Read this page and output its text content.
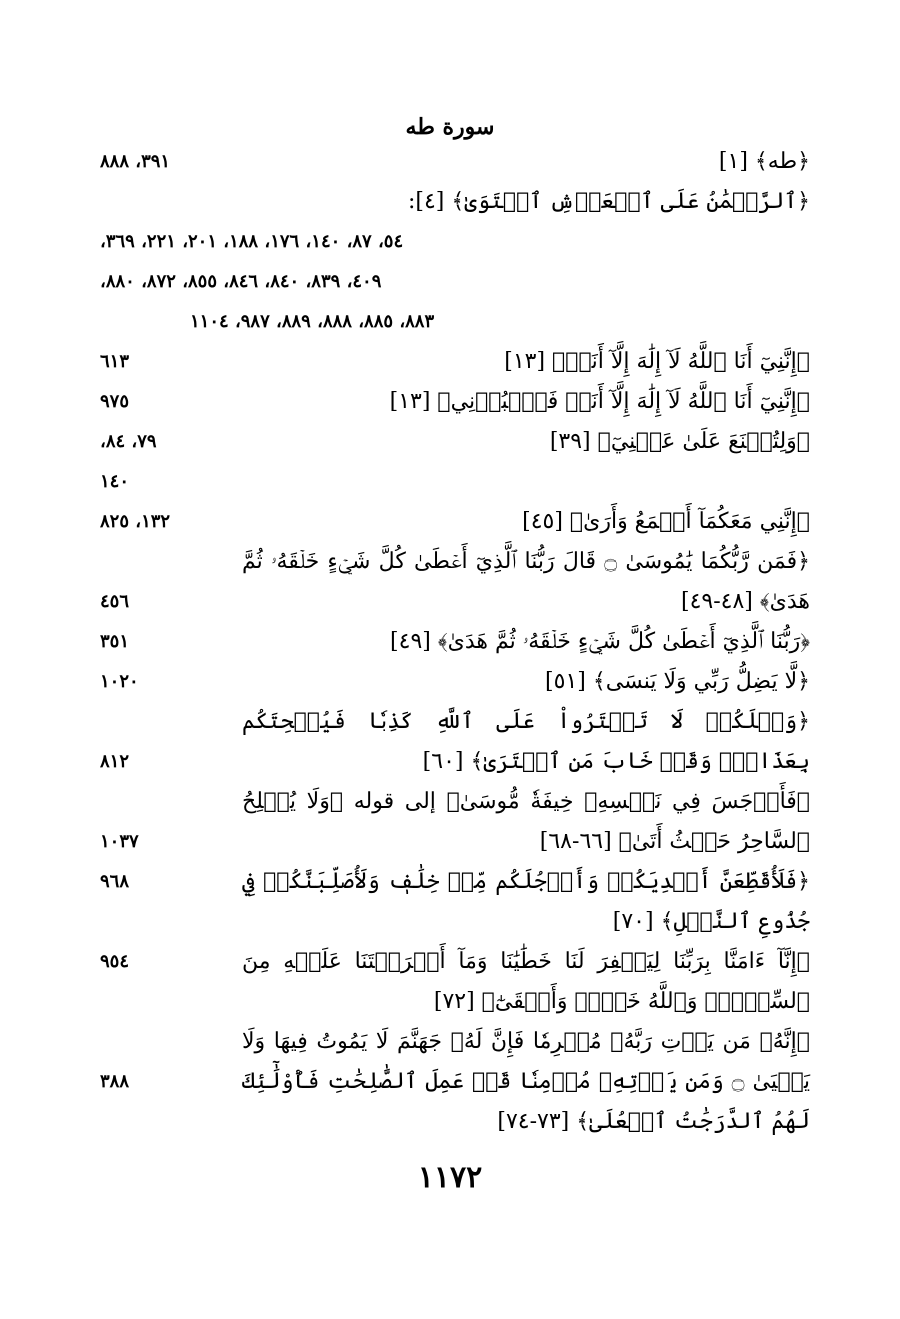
سورة طه
﴿طه﴾ [١]
٣٩١، ٨٨٨
﴿ٱلرَّحۡمَٰنُ عَلَى ٱلۡعَرۡشِ ٱسۡتَوَىٰ﴾ [٤]:
٥٤، ٨٧، ١٤٠، ١٧٦، ١٨٨، ٢٠١، ٢٢١، ٣٦٩،
٤٠٩، ٨٣٩، ٨٤٠، ٨٤٦، ٨٥٥، ٨٧٢، ٨٨٠،
٨٨٣، ٨٨٥، ٨٨٨، ٨٨٩، ٩٨٧، ١١٠٤
﴿إِنَّنِيٓ أَنَا ٱللَّهُ لَآ إِلَٰهَ إِلَّآ أَنَا۠﴾ [١٣]
٦١٣
﴿إِنَّنِيٓ أَنَا ٱللَّهُ لَآ إِلَٰهَ إِلَّآ أَنَا۠ فَٱعۡبُدۡنِي﴾ [١٣]
٩٧٥
﴿وَلِتُصۡنَعَ عَلَىٰ عَيۡنِيٓ﴾ [٣٩]
٧٩، ٨٤،
١٤٠
﴿إِنَّنِي مَعَكُمَآ أَسۡمَعُ وَأَرَىٰ﴾ [٤٥]
١٣٢، ٨٢٥
﴿فَمَن رَّبُّكُمَا يَٰمُوسَىٰ ۝ قَالَ رَبُّنَا ٱلَّذِيٓ أَعۡطَىٰ كُلَّ شَيۡءٍ خَلۡقَهُۥ ثُمَّ هَدَىٰ﴾ [٤٨-٤٩]
٤٥٦
﴿رَبُّنَا ٱلَّذِيٓ أَعۡطَىٰ كُلَّ شَيۡءٍ خَلۡقَهُۥ ثُمَّ هَدَىٰ﴾ [٤٩]
٣٥١
﴿لَّا يَضِلُّ رَبِّي وَلَا يَنسَى﴾ [٥١]
١٠٢٠
﴿وَيۡلَكُمۡ لَا تَفۡتَرُواْ عَلَى ٱللَّهِ كَذِبٗا فَيُسۡحِتَكُم بِعَذَابٖۖ وَقَدۡ خَابَ مَنِ ٱفۡتَرَىٰ﴾ [٦٠]
٨١٢
﴿فَأَوۡجَسَ فِي نَفۡسِهِۦ خِيفَةٗ مُّوسَىٰ﴾ إلى قوله ﴿وَلَا يُفۡلِحُ ٱلسَّاحِرُ حَيۡثُ أَتَىٰ﴾ [٦٦-٦٨]
١٠٣٧
﴿فَلَأُقَطِّعَنَّ أَيۡدِيَكُمۡ وَأَرۡجُلَكُم مِّنۡ خِلَٰفٖ وَلَأُصَلِّبَنَّكُمۡ فِي جُذُوعِ ٱلنَّخۡلِ﴾ [٧٠]
٩٦٨
﴿إِنَّآ ءَامَنَّا بِرَبِّنَا لِيَغۡفِرَ لَنَا خَطَٰيَٰنَا وَمَآ أَكۡرَهۡتَنَا عَلَيۡهِ مِنَ ٱلسِّحۡرِۗ وَٱللَّهُ خَيۡرٞ وَأَبۡقَىٰٓ﴾ [٧٢]
٩٥٤
﴿إِنَّهُۥ مَن يَأۡتِ رَبَّهُۥ مُجۡرِمٗا فَإِنَّ لَهُۥ جَهَنَّمَ لَا يَمُوتُ فِيهَا وَلَا يَحۡيَىٰ ۝ وَمَن يَأۡتِهِۦ مُؤۡمِنٗا قَدۡ عَمِلَ ٱلصَّٰلِحَٰتِ فَأُوْلَٰٓئِكَ لَهُمُ ٱلدَّرَجَٰتُ ٱلۡعُلَىٰ﴾ [٧٣-٧٤]
٣٨٨
١١٧٢
